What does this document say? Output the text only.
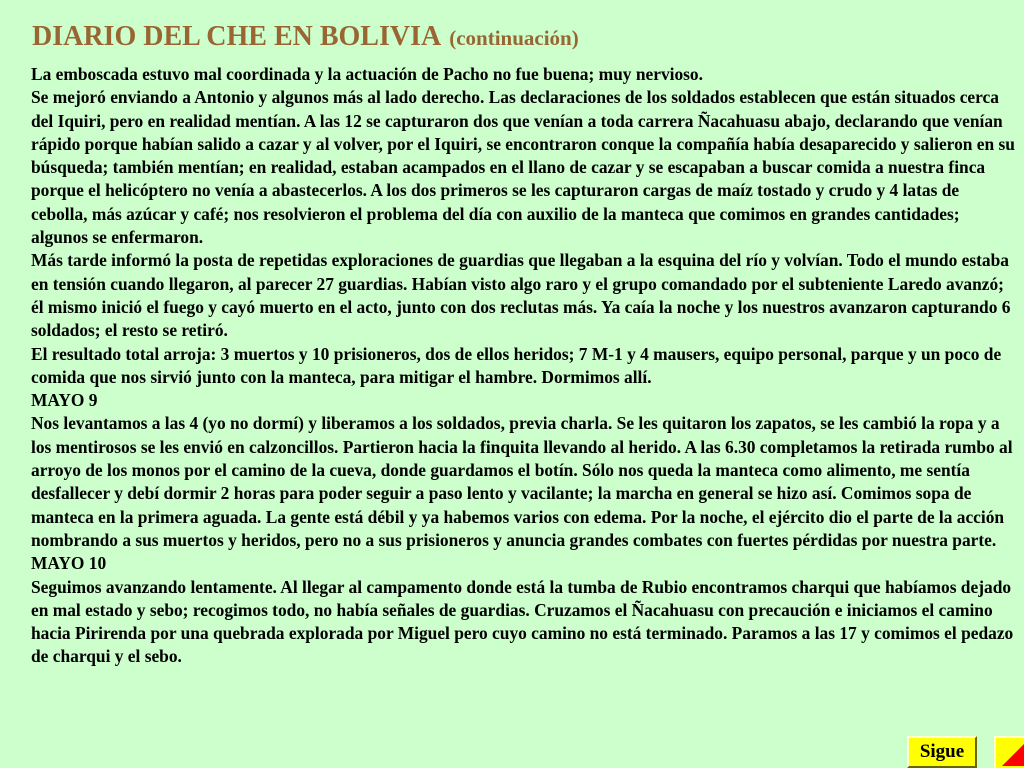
DIARIO DEL CHE EN BOLIVIA (continuación)

La emboscada estuvo mal coordinada y la actuación de Pacho no fue buena; muy nervioso.

Se mejoró enviando a Antonio y algunos más al lado derecho. Las declaraciones de los soldados establecen que están situados cerca del Iquiri, pero en realidad mentían. A las 12 se capturaron dos que venían a toda carrera Ñacahuasu abajo, declarando que venían rápido porque habían salido a cazar y al volver, por el Iquiri, se encontraron conque la compañía había desaparecido y salieron en su búsqueda; también mentían; en realidad, estaban acampados en el llano de cazar y se escapaban a buscar comida a nuestra finca porque el helicóptero no venía a abastecerlos. A los dos primeros se les capturaron cargas de maíz tostado y crudo y 4 latas de cebolla, más azúcar y café; nos resolvieron el problema del día con auxilio de la manteca que comimos en grandes cantidades; algunos se enfermaron.

Más tarde informó la posta de repetidas exploraciones de guardias que llegaban a la esquina del río y volvían. Todo el mundo estaba en tensión cuando llegaron, al parecer 27 guardias. Habían visto algo raro y el grupo comandado por el subteniente Laredo avanzó; él mismo inició el fuego y cayó muerto en el acto, junto con dos reclutas más. Ya caía la noche y los nuestros avanzaron capturando 6 soldados; el resto se retiró.

El resultado total arroja: 3 muertos y 10 prisioneros, dos de ellos heridos; 7 M-1 y 4 mausers, equipo personal, parque y un poco de comida que nos sirvió junto con la manteca, para mitigar el hambre. Dormimos allí.

MAYO 9

Nos levantamos a las 4 (yo no dormí) y liberamos a los soldados, previa charla. Se les quitaron los zapatos, se les cambió la ropa y a los mentirosos se les envió en calzoncillos. Partieron hacia la finquita llevando al herido. A las 6.30 completamos la retirada rumbo al arroyo de los monos por el camino de la cueva, donde guardamos el botín. Sólo nos queda la manteca como alimento, me sentía desfallecer y debí dormir 2 horas para poder seguir a paso lento y vacilante; la marcha en general se hizo así. Comimos sopa de manteca en la primera aguada. La gente está débil y ya habemos varios con edema. Por la noche, el ejército dio el parte de la acción nombrando a sus muertos y heridos, pero no a sus prisioneros y anuncia grandes combates con fuertes pérdidas por nuestra parte.

MAYO 10

Seguimos avanzando lentamente. Al llegar al campamento donde está la tumba de Rubio encontramos charqui que habíamos dejado en mal estado y sebo; recogimos todo, no había señales de guardias. Cruzamos el Ñacahuasu con precaución e iniciamos el camino hacia Pirirenda por una quebrada explorada por Miguel pero cuyo camino no está terminado. Paramos a las 17 y comimos el pedazo de charqui y el sebo.

Sigue
